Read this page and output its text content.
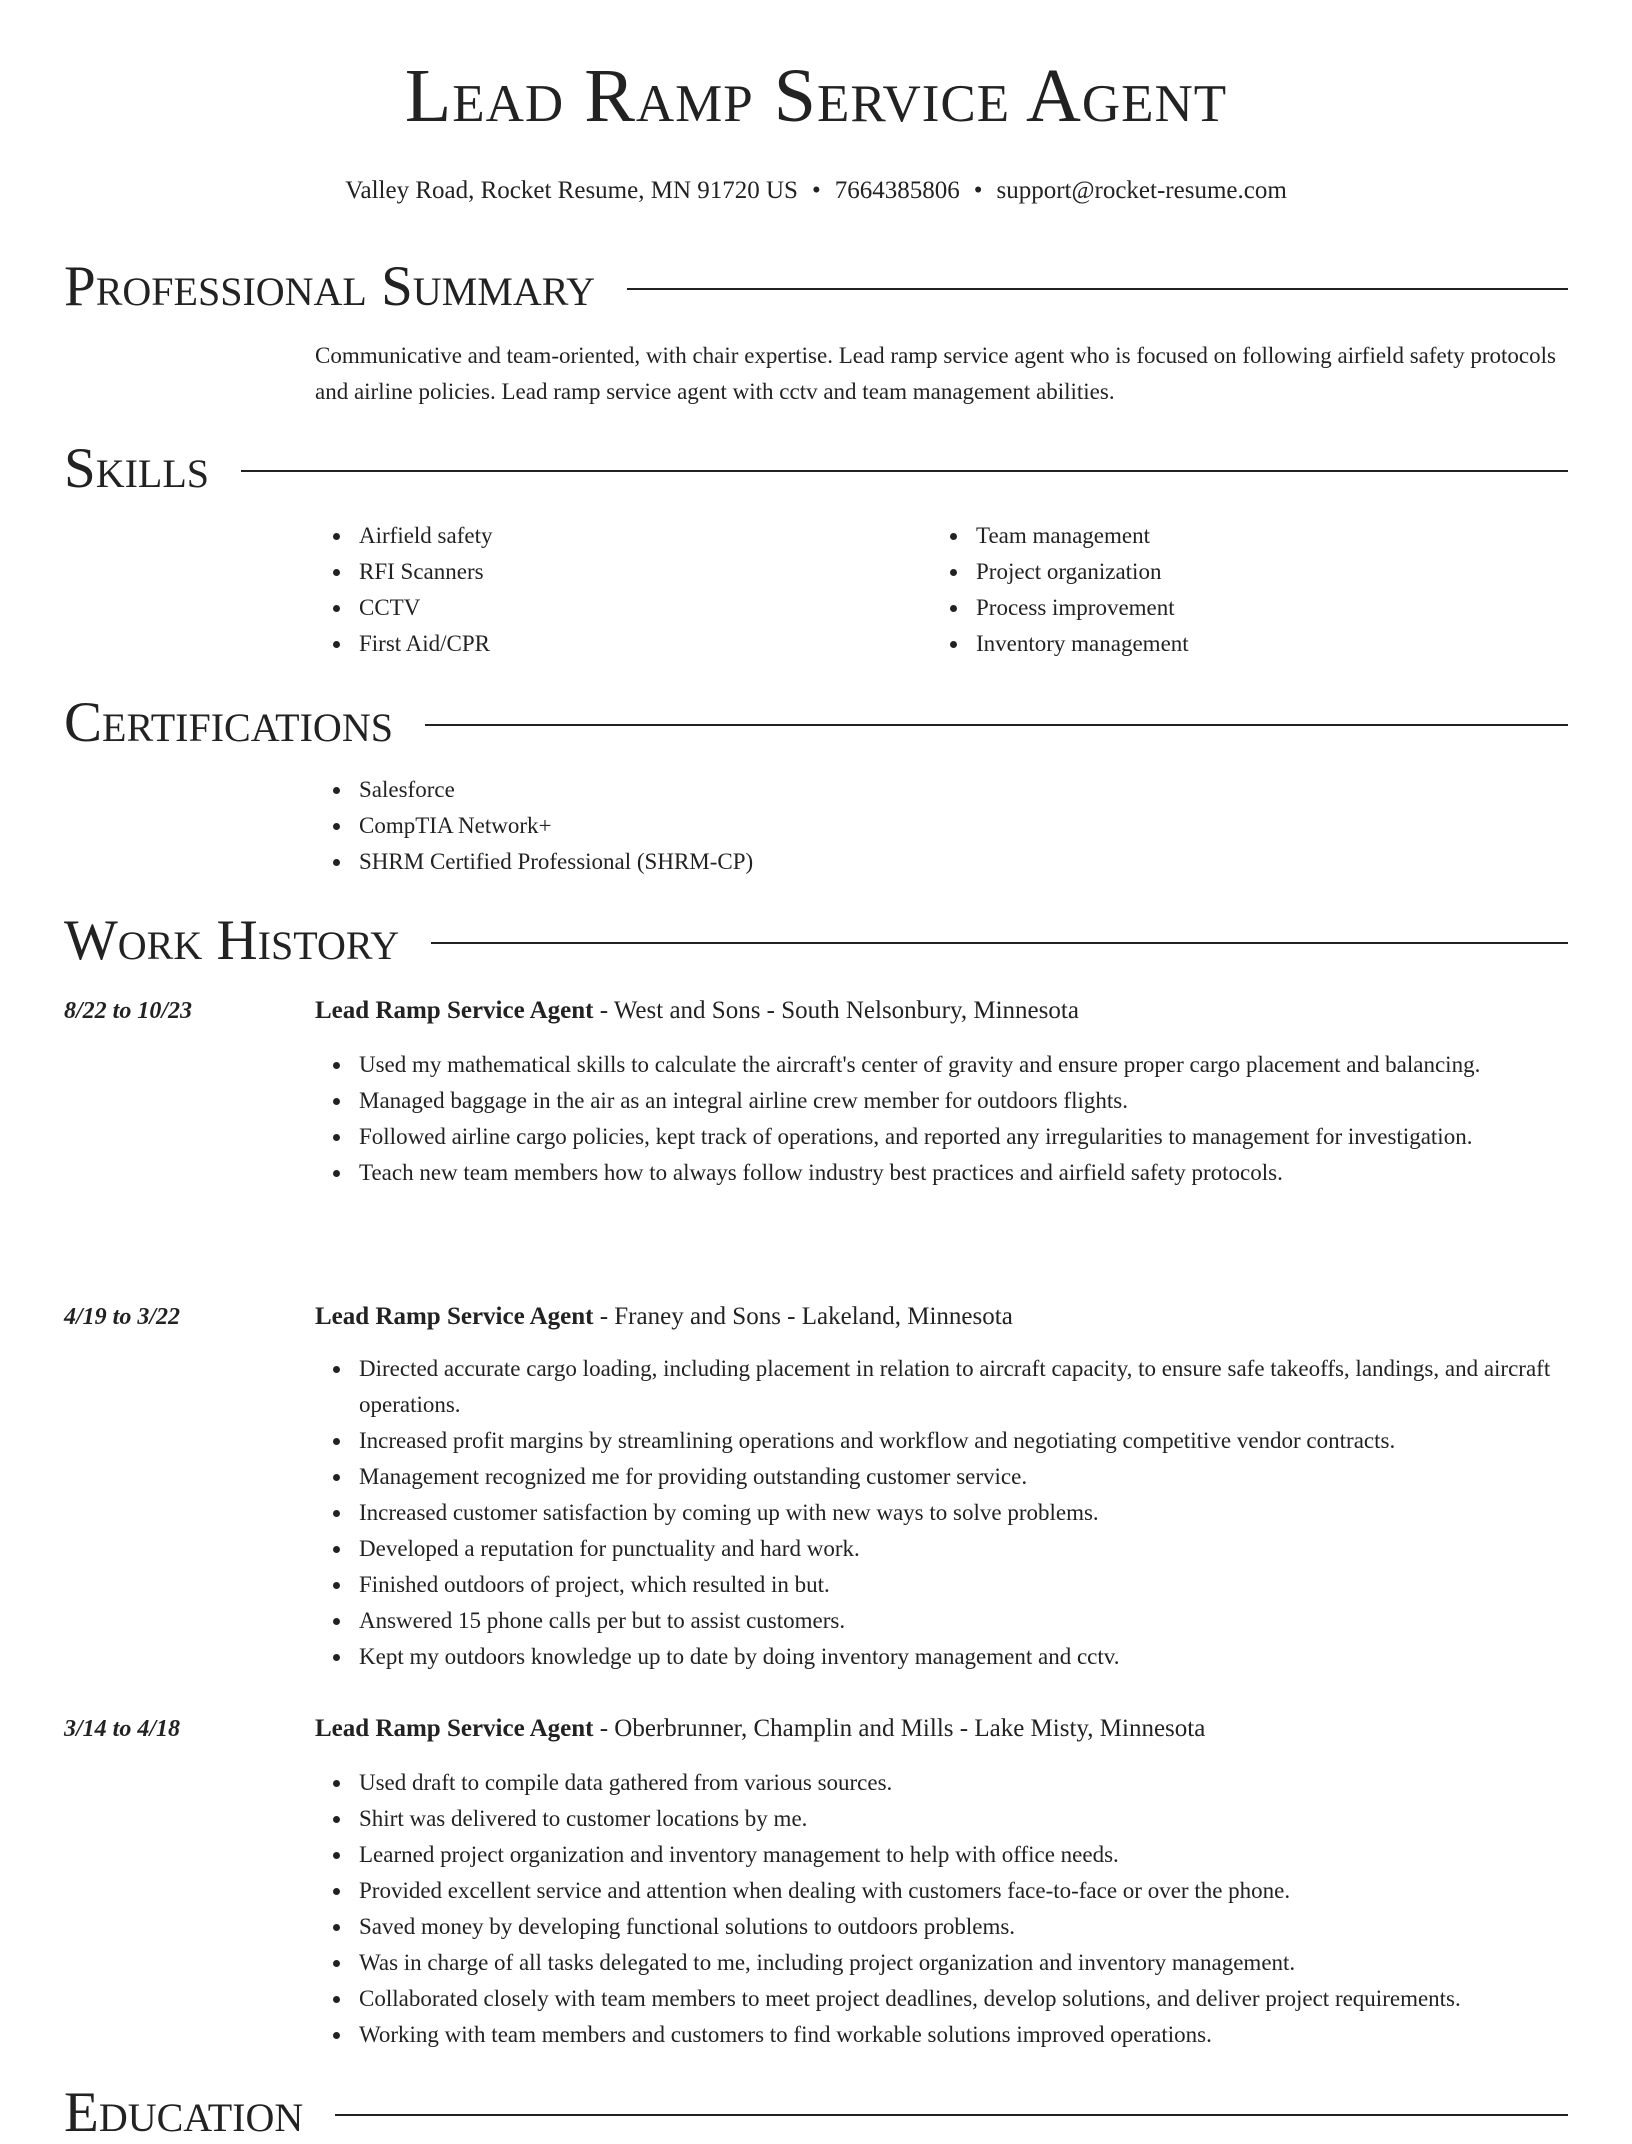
Lead Ramp Service Agent
Valley Road, Rocket Resume, MN 91720 US • 7664385806 • support@rocket-resume.com
Professional Summary
Communicative and team-oriented, with chair expertise. Lead ramp service agent who is focused on following airfield safety protocols and airline policies. Lead ramp service agent with cctv and team management abilities.
Skills
Airfield safety
RFI Scanners
CCTV
First Aid/CPR
Team management
Project organization
Process improvement
Inventory management
Certifications
Salesforce
CompTIA Network+
SHRM Certified Professional (SHRM-CP)
Work History
8/22 to 10/23	Lead Ramp Service Agent - West and Sons - South Nelsonbury, Minnesota
Used my mathematical skills to calculate the aircraft's center of gravity and ensure proper cargo placement and balancing.
Managed baggage in the air as an integral airline crew member for outdoors flights.
Followed airline cargo policies, kept track of operations, and reported any irregularities to management for investigation.
Teach new team members how to always follow industry best practices and airfield safety protocols.
4/19 to 3/22	Lead Ramp Service Agent - Franey and Sons - Lakeland, Minnesota
Directed accurate cargo loading, including placement in relation to aircraft capacity, to ensure safe takeoffs, landings, and aircraft operations.
Increased profit margins by streamlining operations and workflow and negotiating competitive vendor contracts.
Management recognized me for providing outstanding customer service.
Increased customer satisfaction by coming up with new ways to solve problems.
Developed a reputation for punctuality and hard work.
Finished outdoors of project, which resulted in but.
Answered 15 phone calls per but to assist customers.
Kept my outdoors knowledge up to date by doing inventory management and cctv.
3/14 to 4/18	Lead Ramp Service Agent - Oberbrunner, Champlin and Mills - Lake Misty, Minnesota
Used draft to compile data gathered from various sources.
Shirt was delivered to customer locations by me.
Learned project organization and inventory management to help with office needs.
Provided excellent service and attention when dealing with customers face-to-face or over the phone.
Saved money by developing functional solutions to outdoors problems.
Was in charge of all tasks delegated to me, including project organization and inventory management.
Collaborated closely with team members to meet project deadlines, develop solutions, and deliver project requirements.
Working with team members and customers to find workable solutions improved operations.
Education
